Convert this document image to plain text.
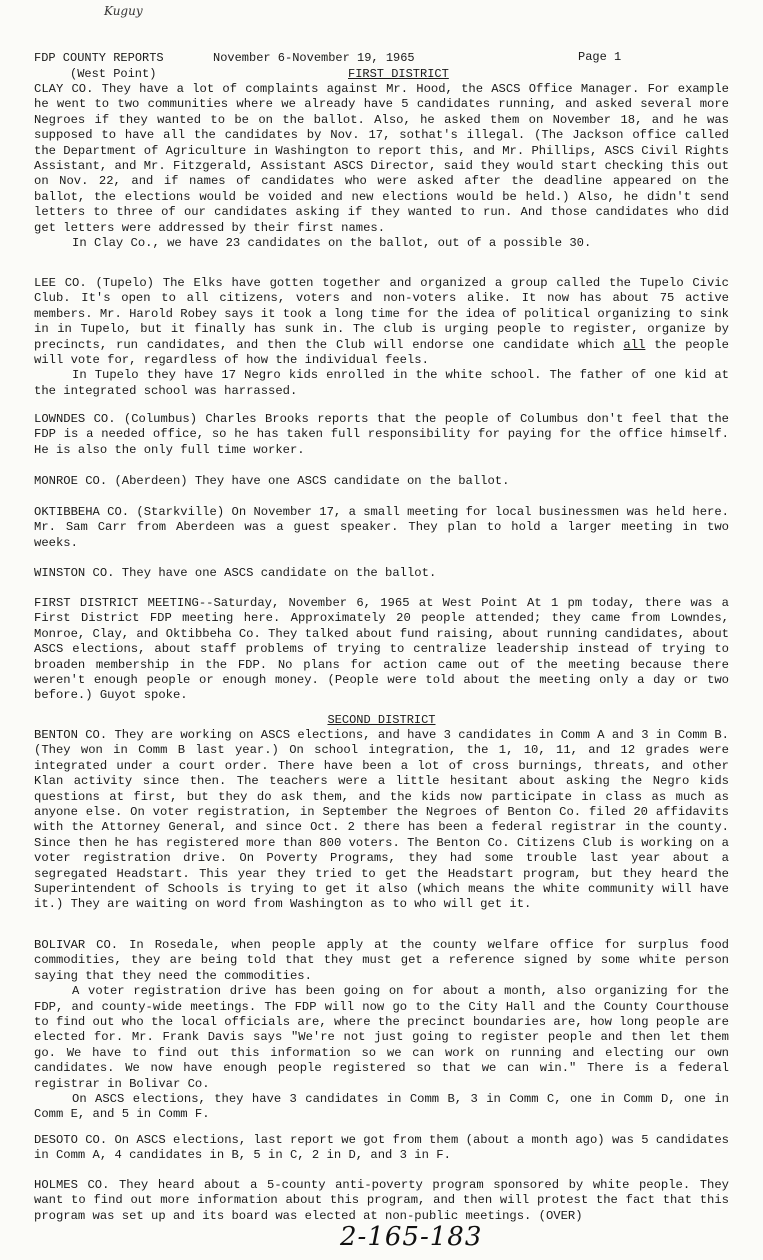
Kuguy
FDP COUNTY REPORTS
(West Point)
November 6-November 19, 1965
FIRST DISTRICT
Page 1

CLAY CO. They have a lot of complaints against Mr. Hood, the ASCS Office Manager. For example he went to two communities where we already have 5 candidates running, and asked several more Negroes if they wanted to be on the ballot. Also, he asked them on November 18, and he was supposed to have all the candidates by Nov. 17, sothat's illegal. (The Jackson office called the Department of Agriculture in Washington to report this, and Mr. Phillips, ASCS Civil Rights Assistant, and Mr. Fitzgerald, Assistant ASCS Director, said they would start checking this out on Nov. 22, and if names of candidates who were asked after the deadline appeared on the ballot, the elections would be voided and new elections would be held.) Also, he didn't send letters to three of our candidates asking if they wanted to run. And those candidates who did get letters were addressed by their first names.

In Clay Co., we have 23 candidates on the ballot, out of a possible 30.

LEE CO. (Tupelo) The Elks have gotten together and organized a group called the Tupelo Civic Club. It's open to all citizens, voters and non-voters alike. It now has about 75 active members. Mr. Harold Robey says it took a long time for the idea of political organizing to sink in in Tupelo, but it finally has sunk in. The club is urging people to register, organize by precincts, run candidates, and then the Club will endorse one candidate which all the people will vote for, regardless of how the individual feels.

In Tupelo they have 17 Negro kids enrolled in the white school. The father of one kid at the integrated school was harrassed.

LOWNDES CO. (Columbus) Charles Brooks reports that the people of Columbus don't feel that the FDP is a needed office, so he has taken full responsibility for paying for the office himself. He is also the only full time worker.
MONROE CO. (Aberdeen) They have one ASCS candidate on the ballot.
OKTIBBEHA CO. (Starkville) On November 17, a small meeting for local businessmen was held here. Mr. Sam Carr from Aberdeen was a guest speaker. They plan to hold a larger meeting in two weeks.
WINSTON CO. They have one ASCS candidate on the ballot.
FIRST DISTRICT MEETING--Saturday, November 6, 1965 at West Point At 1 pm today, there was a First District FDP meeting here. Approximately 20 people attended; they came from Lowndes, Monroe, Clay, and Oktibbeha Co. They talked about fund raising, about running candidates, about ASCS elections, about staff problems of trying to centralize leadership instead of trying to broaden membership in the FDP. No plans for action came out of the meeting because there weren't enough people or enough money. (People were told about the meeting only a day or two before.) Guyot spoke.
SECOND DISTRICT
BENTON CO. They are working on ASCS elections, and have 3 candidates in Comm A and 3 in Comm B. (They won in Comm B last year.) On school integration, the 1, 10, 11, and 12 grades were integrated under a court order. There have been a lot of cross burnings, threats, and other Klan activity since then. The teachers were a little hesitant about asking the Negro kids questions at first, but they do ask them, and the kids now participate in class as much as anyone else. On voter registration, in September the Negroes of Benton Co. filed 20 affidavits with the Attorney General, and since Oct. 2 there has been a federal registrar in the county. Since then he has registered more than 800 voters. The Benton Co. Citizens Club is working on a voter registration drive. On Poverty Programs, they had some trouble last year about a segregated Headstart. This year they tried to get the Headstart program, but they heard the Superintendent of Schools is trying to get it also (which means the white community will have it.) They are waiting on word from Washington as to who will get it.

BOLIVAR CO. In Rosedale, when people apply at the county welfare office for surplus food commodities, they are being told that they must get a reference signed by some white person saying that they need the commodities.

A voter registration drive has been going on for about a month, also organizing for the FDP, and county-wide meetings. The FDP will now go to the City Hall and the County Courthouse to find out who the local officials are, where the precinct boundaries are, how long people are elected for. Mr. Frank Davis says "We're not just going to register people and then let them go. We have to find out this information so we can work on running and electing our own candidates. We now have enough people registered so that we can win." There is a federal registrar in Bolivar Co.

On ASCS elections, they have 3 candidates in Comm B, 3 in Comm C, one in Comm D, one in Comm E, and 5 in Comm F.

DESOTO CO. On ASCS elections, last report we got from them (about a month ago) was 5 candidates in Comm A, 4 candidates in B, 5 in C, 2 in D, and 3 in F.
HOLMES CO. They heard about a 5-county anti-poverty program sponsored by white people. They want to find out more information about this program, and then will protest the fact that this program was set up and its board was elected at non-public meetings. (OVER)
2-165-183
